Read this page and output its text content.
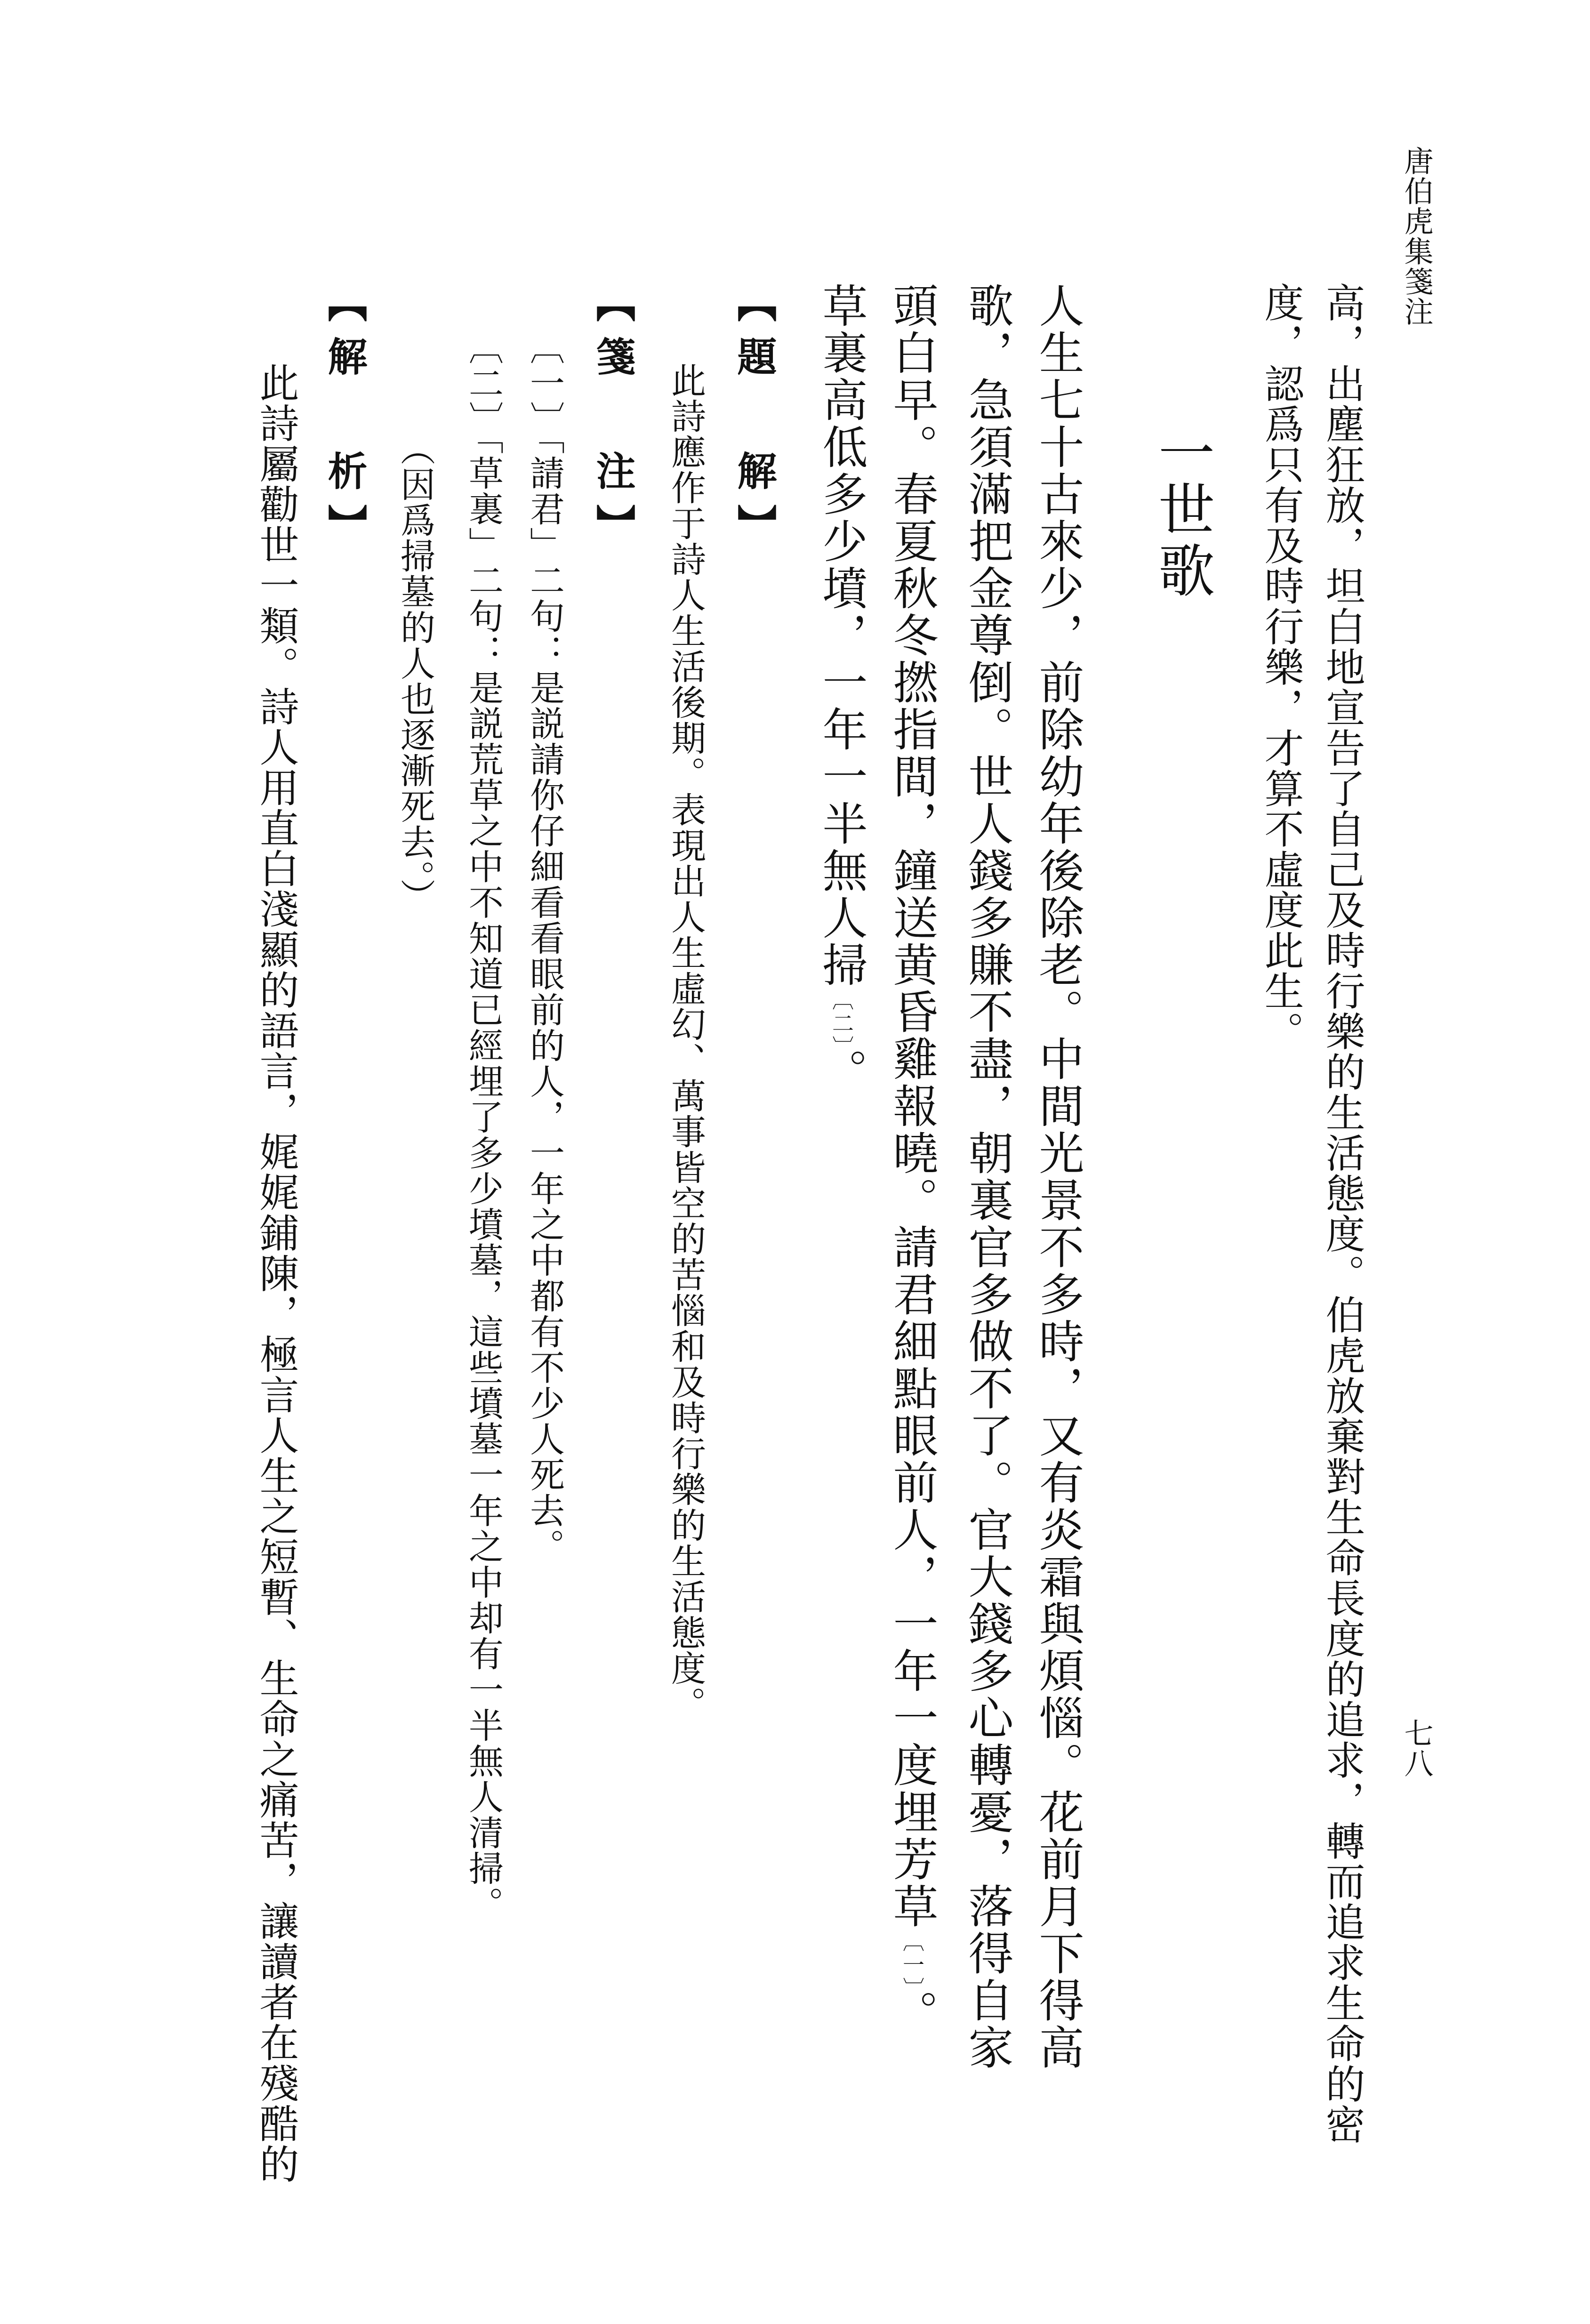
唐伯虎集箋注
七八
高，出塵狂放，坦白地宣告了自己及時行樂的生活態度。伯虎放棄對生命長度的追求，轉而追求生命的密
度，認爲只有及時行樂，才算不虛度此生。
一世歌
人生七十古來少，前除幼年後除老。中間光景不多時，又有炎霜與煩惱。花前月下得高
歌，急須滿把金尊倒。世人錢多賺不盡，朝裏官多做不了。官大錢多心轉憂，落得自家
頭白早。春夏秋冬撚指間，鐘送黄昏雞報曉。請君細點眼前人，一年一度埋芳草〔一〕。
草裏高低多少墳，一年一半無人掃〔二〕。
【題 解】
此詩應作于詩人生活後期。表現出人生虛幻、萬事皆空的苦惱和及時行樂的生活態度。
【箋 注】
〔一〕「請君」二句：是説請你仔細看看眼前的人，一年之中都有不少人死去。
〔二〕「草裏」二句：是説荒草之中不知道已經埋了多少墳墓，這些墳墓一年之中却有一半無人清掃。
（因爲掃墓的人也逐漸死去。）
【解 析】
此詩屬勸世一類。詩人用直白淺顯的語言，娓娓鋪陳，極言人生之短暫、生命之痛苦，讓讀者在殘酷的
